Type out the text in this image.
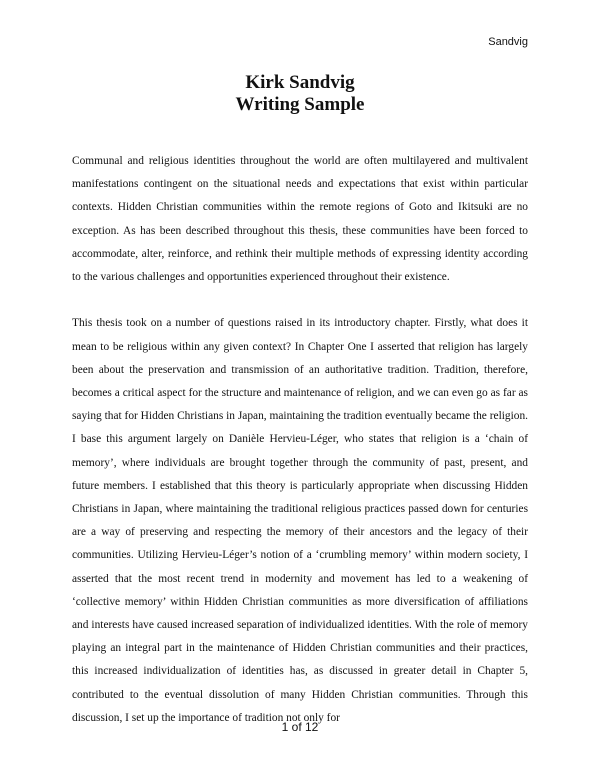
Sandvig
Kirk Sandvig
Writing Sample

Communal and religious identities throughout the world are often multilayered and multivalent manifestations contingent on the situational needs and expectations that exist within particular contexts. Hidden Christian communities within the remote regions of Goto and Ikitsuki are no exception. As has been described throughout this thesis, these communities have been forced to accommodate, alter, reinforce, and rethink their multiple methods of expressing identity according to the various challenges and opportunities experienced throughout their existence.

This thesis took on a number of questions raised in its introductory chapter. Firstly, what does it mean to be religious within any given context? In Chapter One I asserted that religion has largely been about the preservation and transmission of an authoritative tradition. Tradition, therefore, becomes a critical aspect for the structure and maintenance of religion, and we can even go as far as saying that for Hidden Christians in Japan, maintaining the tradition eventually became the religion. I base this argument largely on Danièle Hervieu-Léger, who states that religion is a ‘chain of memory’, where individuals are brought together through the community of past, present, and future members. I established that this theory is particularly appropriate when discussing Hidden Christians in Japan, where maintaining the traditional religious practices passed down for centuries are a way of preserving and respecting the memory of their ancestors and the legacy of their communities. Utilizing Hervieu-Léger’s notion of a ‘crumbling memory’ within modern society, I asserted that the most recent trend in modernity and movement has led to a weakening of ‘collective memory’ within Hidden Christian communities as more diversification of affiliations and interests have caused increased separation of individualized identities. With the role of memory playing an integral part in the maintenance of Hidden Christian communities and their practices, this increased individualization of identities has, as discussed in greater detail in Chapter 5, contributed to the eventual dissolution of many Hidden Christian communities. Through this discussion, I set up the importance of tradition not only for

1 of 12
